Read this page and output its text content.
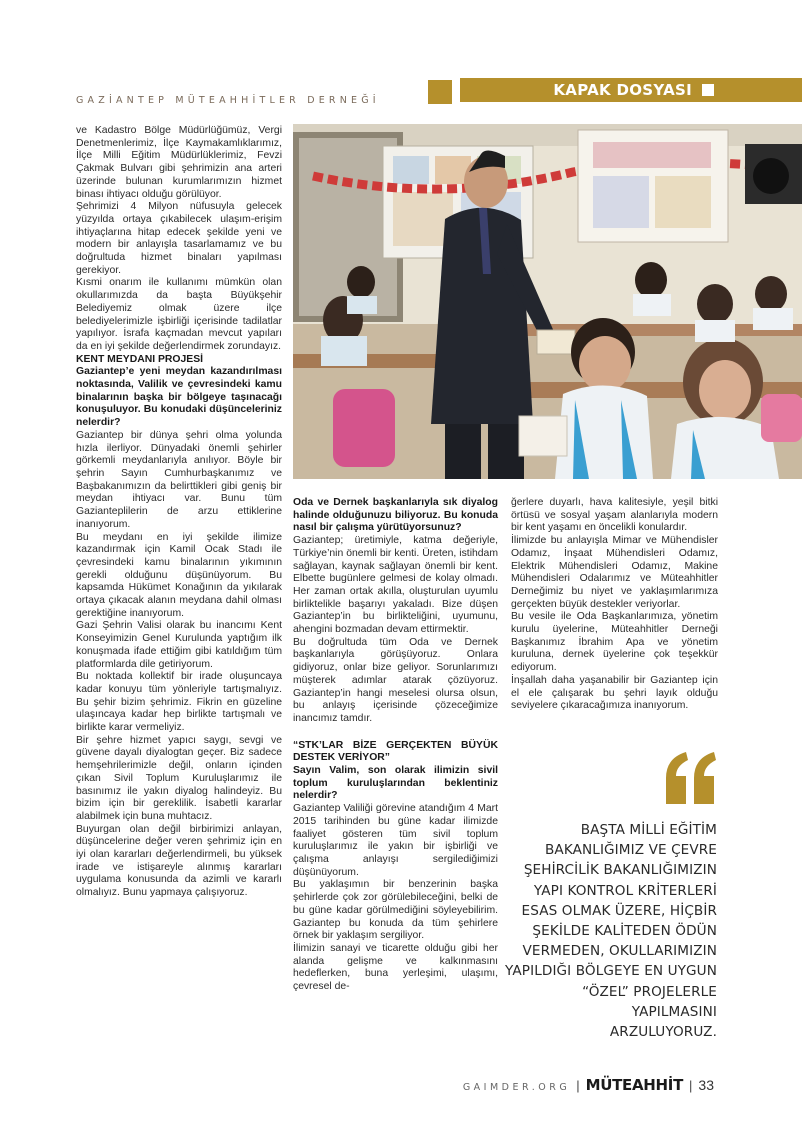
GAZİANTEP MÜTEAHHİTLER DERNEĞİ
KAPAK DOSYASI

ve Kadastro Bölge Müdürlüğümüz, Vergi Denetmenlerimiz, İlçe Kaymakamlıklarımız, İlçe Milli Eğitim Müdürlüklerimiz, Fevzi Çakmak Bulvarı gibi şehrimizin ana arteri üzerinde bulunan kurumlarımızın hizmet binası ihtiyacı olduğu görülüyor.

Şehrimizi 4 Milyon nüfusuyla gelecek yüzyılda ortaya çıkabilecek ulaşım-erişim ihtiyaçlarına hitap edecek şekilde yeni ve modern bir anlayışla tasarlamamız ve bu doğrultuda hizmet binaları yapılması gerekiyor.

Kısmi onarım ile kullanımı mümkün olan okullarımızda da başta Büyükşehir Belediyemiz olmak üzere ilçe belediyelerimizle işbirliği içerisinde tadilatlar yapılıyor. İsrafa kaçmadan mevcut yapıları da en iyi şekilde değerlendirmek zorundayız.

KENT MEYDANI PROJESİ

Gaziantep’e yeni meydan kazandırılması noktasında, Valilik ve çevresindeki kamu binalarının başka bir bölgeye taşınacağı konuşuluyor. Bu konudaki düşünceleriniz nelerdir?

Gaziantep bir dünya şehri olma yolunda hızla ilerliyor. Dünyadaki önemli şehirler görkemli meydanlarıyla anılıyor. Böyle bir şehrin Sayın Cumhurbaşkanımız ve Başbakanımızın da belirttikleri gibi geniş bir meydan ihtiyacı var. Bunu tüm Gazianteplilerin de arzu ettiklerine inanıyorum.

Bu meydanı en iyi şekilde ilimize kazandırmak için Kamil Ocak Stadı ile çevresindeki kamu binalarının yıkımının gerekli olduğunu düşünüyorum. Bu kapsamda Hükümet Konağının da yıkılarak ortaya çıkacak alanın meydana dahil olması gerektiğine inanıyorum.

Gazi Şehrin Valisi olarak bu inancımı Kent Konseyimizin Genel Kurulunda yaptığım ilk konuşmada ifade ettiğim gibi katıldığım tüm platformlarda dile getiriyorum.

Bu noktada kollektif bir irade oluşuncaya kadar konuyu tüm yönleriyle tartışmalıyız. Bu şehir bizim şehrimiz. Fikrin en güzeline ulaşıncaya kadar hep birlikte tartışmalı ve birlikte karar vermeliyiz.

Bir şehre hizmet yapıcı saygı, sevgi ve güvene dayalı diyalogtan geçer. Biz sadece hemşehrilerimizle değil, onların içinden çıkan Sivil Toplum Kuruluşlarımız ile basınımız ile yakın diyalog halindeyiz. Bu bizim için bir gereklilik. İsabetli kararlar alabilmek için buna muhtacız.

Buyurgan olan değil birbirimizi anlayan, düşüncelerine değer veren şehrimiz için en iyi olan kararları değerlendirmeli, bu yüksek irade ve istişareyle alınmış kararları uygulama konusunda da azimli ve kararlı olmalıyız. Bunu yapmaya çalışıyoruz.

Oda ve Dernek başkanlarıyla sık diyalog halinde olduğunuzu biliyoruz. Bu konuda nasıl bir çalışma yürütüyorsunuz?

Gaziantep; üretimiyle, katma değeriyle, Türkiye’nin önemli bir kenti. Üreten, istihdam sağlayan, kaynak sağlayan önemli bir kent. Elbette bugünlere gelmesi de kolay olmadı. Her zaman ortak akılla, oluşturulan uyumlu birliktelikle başarıyı yakaladı. Bize düşen Gaziantep’in bu birlikteliğini, uyumunu, ahengini bozmadan devam ettirmektir.

Bu doğrultuda tüm Oda ve Dernek başkanlarıyla görüşüyoruz. Onlara gidiyoruz, onlar bize geliyor. Sorunlarımızı müşterek adımlar atarak çözüyoruz. Gaziantep’in hangi meselesi olursa olsun, bu anlayış içerisinde çözeceğimize inancımız tamdır.

“STK’LAR BİZE GERÇEKTEN BÜYÜK DESTEK VERİYOR”

Sayın Valim, son olarak ilimizin sivil toplum kuruluşlarından beklentiniz nelerdir?

Gaziantep Valiliği görevine atandığım 4 Mart 2015 tarihinden bu güne kadar ilimizde faaliyet gösteren tüm sivil toplum kuruluşlarımız ile yakın bir işbirliği ve çalışma anlayışı sergilediğimizi düşünüyorum.

Bu yaklaşımın bir benzerinin başka şehirlerde çok zor görülebileceğini, belki de bu güne kadar görülmediğini söyleyebilirim. Gaziantep bu konuda da tüm şehirlere örnek bir yaklaşım sergiliyor.

İlimizin sanayi ve ticarette olduğu gibi her alanda gelişme ve kalkınmasını hedeflerken, buna yerleşimi, ulaşımı, çevresel de-

ğerlere duyarlı, hava kalitesiyle, yeşil bitki örtüsü ve sosyal yaşam alanlarıyla modern bir kent yaşamı en öncelikli konulardır.

İlimizde bu anlayışla Mimar ve Mühendisler Odamız, İnşaat Mühendisleri Odamız, Elektrik Mühendisleri Odamız, Makine Mühendisleri Odalarımız ve Müteahhitler Derneğimiz bu niyet ve yaklaşımlarımıza gerçekten büyük destekler veriyorlar.

Bu vesile ile Oda Başkanlarımıza, yönetim kurulu üyelerine, Müteahhitler Derneği Başkanımız İbrahim Apa ve yönetim kuruluna, dernek üyelerine çok teşekkür ediyorum.

İnşallah daha yaşanabilir bir Gaziantep için el ele çalışarak bu şehri layık olduğu seviyelere çıkaracağımıza inanıyorum.

BAŞTA MİLLİ EĞİTİM
BAKANLIĞIMIZ VE ÇEVRE
ŞEHİRCİLİK BAKANLIĞIMIZIN
YAPI KONTROL KRİTERLERİ
ESAS OLMAK ÜZERE, HİÇBİR
ŞEKİLDE KALİTEDEN ÖDÜN
VERMEDEN, OKULLARIMIZIN
YAPILDIĞI BÖLGEYE EN UYGUN
“ÖZEL” PROJELERLE YAPILMASINI
ARZULUYORUZ.
GAIMDER.ORG | MÜTEAHHİT | 33
